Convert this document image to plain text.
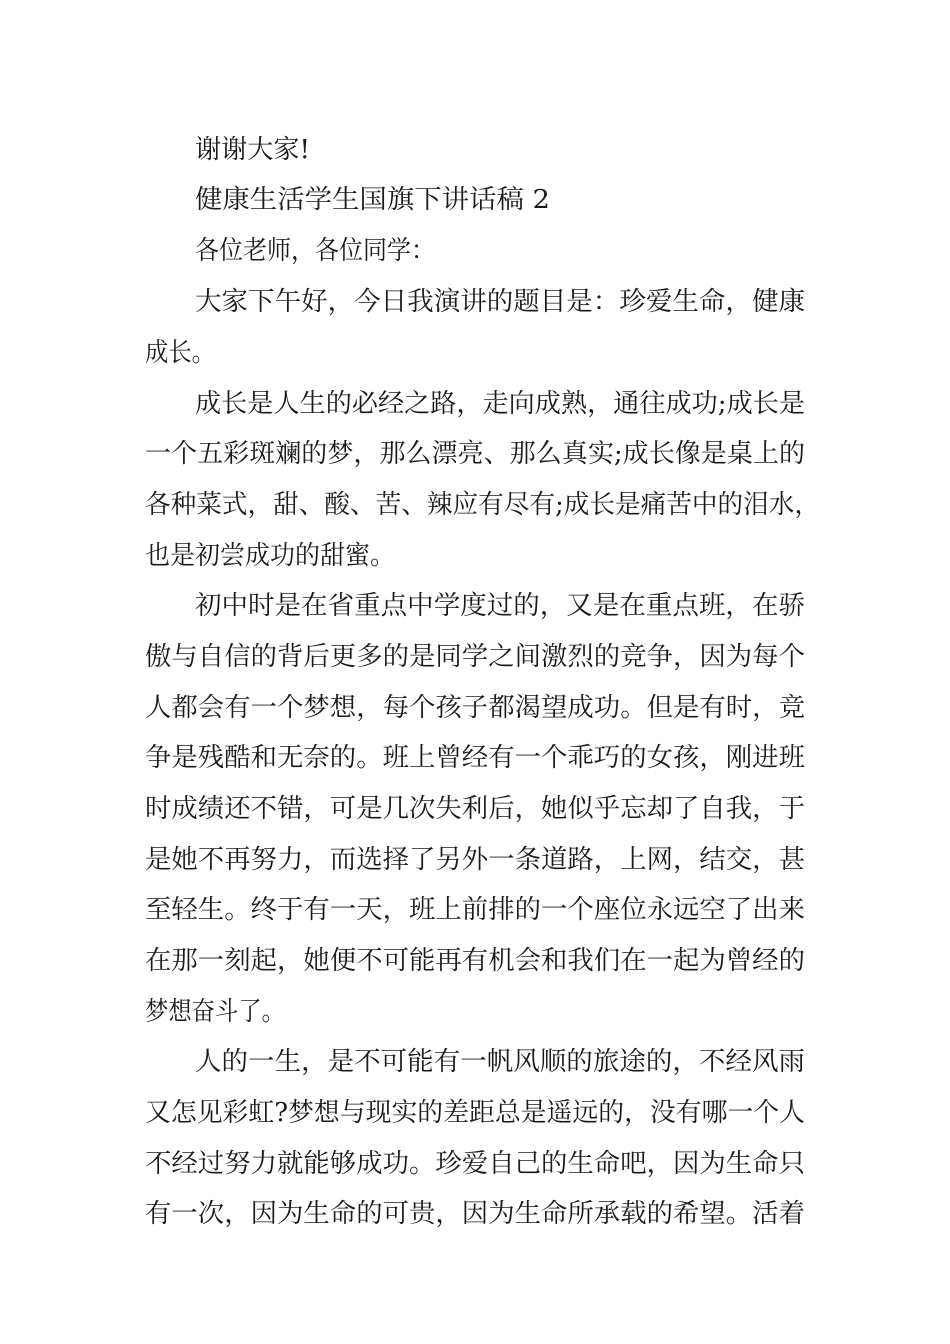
谢谢大家!
健康生活学生国旗下讲话稿 2
各位老师，各位同学：
大家下午好，今日我演讲的题目是：珍爱生命，健康
成长。
成长是人生的必经之路，走向成熟，通往成功;成长是
一个五彩斑斓的梦，那么漂亮、那么真实;成长像是桌上的
各种菜式，甜、酸、苦、辣应有尽有;成长是痛苦中的泪水，
也是初尝成功的甜蜜。
初中时是在省重点中学度过的，又是在重点班，在骄
傲与自信的背后更多的是同学之间激烈的竞争，因为每个
人都会有一个梦想，每个孩子都渴望成功。但是有时，竞
争是残酷和无奈的。班上曾经有一个乖巧的女孩，刚进班
时成绩还不错，可是几次失利后，她似乎忘却了自我，于
是她不再努力，而选择了另外一条道路，上网，结交，甚
至轻生。终于有一天，班上前排的一个座位永远空了出来
在那一刻起，她便不可能再有机会和我们在一起为曾经的
梦想奋斗了。
人的一生，是不可能有一帆风顺的旅途的，不经风雨
又怎见彩虹?梦想与现实的差距总是遥远的，没有哪一个人
不经过努力就能够成功。珍爱自己的生命吧，因为生命只
有一次，因为生命的可贵，因为生命所承载的希望。活着
